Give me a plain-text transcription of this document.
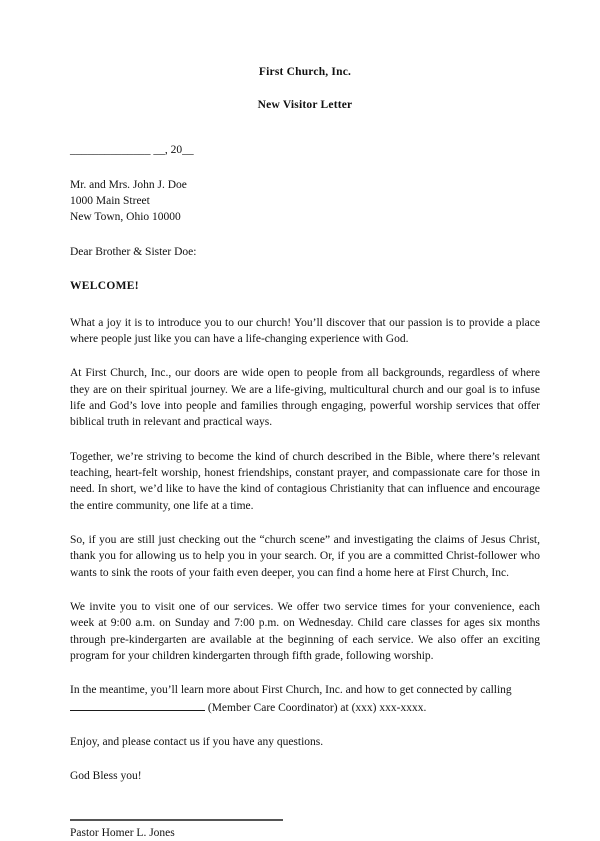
First Church, Inc.
New Visitor Letter
______________ __, 20__
Mr. and Mrs. John J. Doe
1000 Main Street
New Town, Ohio 10000
Dear Brother & Sister Doe:
WELCOME!

What a joy it is to introduce you to our church! You’ll discover that our passion is to provide a place where people just like you can have a life-changing experience with God.

At First Church, Inc., our doors are wide open to people from all backgrounds, regardless of where they are on their spiritual journey. We are a life-giving, multicultural church and our goal is to infuse life and God’s love into people and families through engaging, powerful worship services that offer biblical truth in relevant and practical ways.

Together, we’re striving to become the kind of church described in the Bible, where there’s relevant teaching, heart-felt worship, honest friendships, constant prayer, and compassionate care for those in need. In short, we’d like to have the kind of contagious Christianity that can influence and encourage the entire community, one life at a time.

So, if you are still just checking out the “church scene” and investigating the claims of Jesus Christ, thank you for allowing us to help you in your search. Or, if you are a committed Christ-follower who wants to sink the roots of your faith even deeper, you can find a home here at First Church, Inc.

We invite you to visit one of our services. We offer two service times for your convenience, each week at 9:00 a.m. on Sunday and 7:00 p.m. on Wednesday. Child care classes for ages six months through pre-kindergarten are available at the beginning of each service. We also offer an exciting program for your children kindergarten through fifth grade, following worship.

In the meantime, you’ll learn more about First Church, Inc. and how to get connected by calling  (Member Care Coordinator) at (xxx) xxx-xxxx.

Enjoy, and please contact us if you have any questions.
God Bless you!
Pastor Homer L. Jones
